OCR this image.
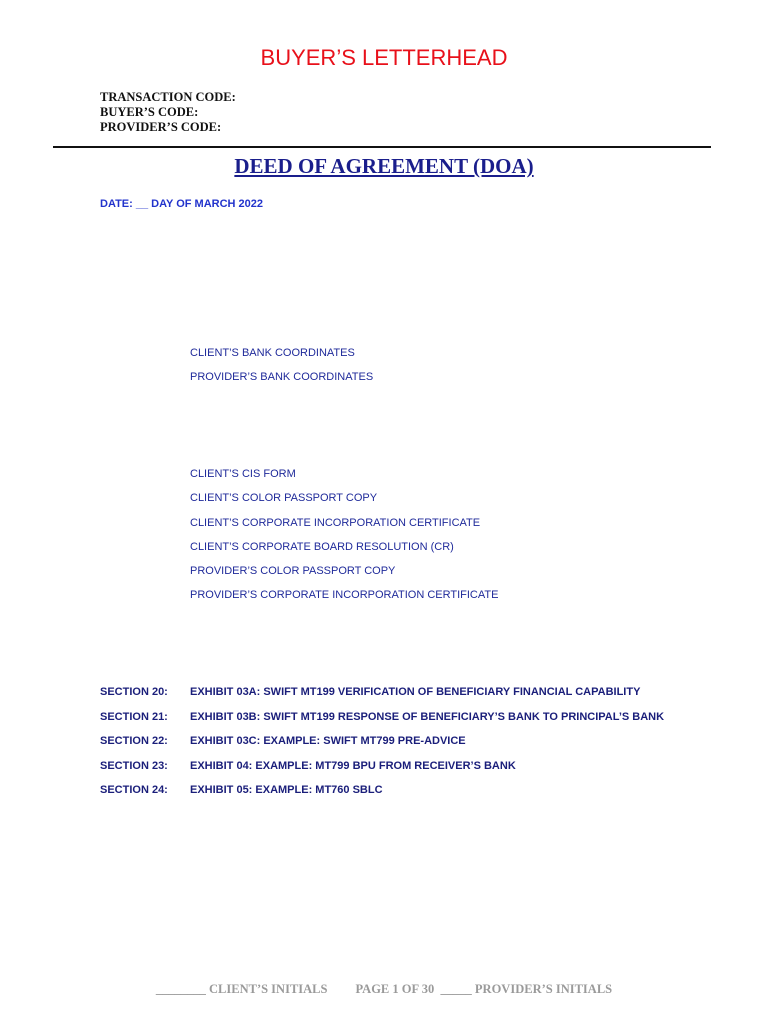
BUYER’S LETTERHEAD
TRANSACTION CODE:
BUYER’S CODE:
PROVIDER’S CODE:
DEED OF AGREEMENT (DOA)
DATE: __ DAY OF MARCH 2022
CLIENT’S BANK COORDINATES
PROVIDER’S BANK COORDINATES
CLIENT’S CIS FORM
CLIENT’S COLOR PASSPORT COPY
CLIENT’S CORPORATE INCORPORATION CERTIFICATE
CLIENT’S CORPORATE BOARD RESOLUTION (CR)
PROVIDER’S COLOR PASSPORT COPY
PROVIDER’S CORPORATE INCORPORATION CERTIFICATE
SECTION 20: EXHIBIT 03A: SWIFT MT199 VERIFICATION OF BENEFICIARY FINANCIAL CAPABILITY
SECTION 21: EXHIBIT 03B: SWIFT MT199 RESPONSE OF BENEFICIARY’S BANK TO PRINCIPAL’S BANK
SECTION 22: EXHIBIT 03C: EXAMPLE: SWIFT MT799 PRE-ADVICE
SECTION 23: EXHIBIT 04: EXAMPLE: MT799 BPU FROM RECEIVER’S BANK
SECTION 24: EXHIBIT 05: EXAMPLE: MT760 SBLC
________ CLIENT’S INITIALS PAGE 1 OF 30 _____ PROVIDER’S INITIALS
